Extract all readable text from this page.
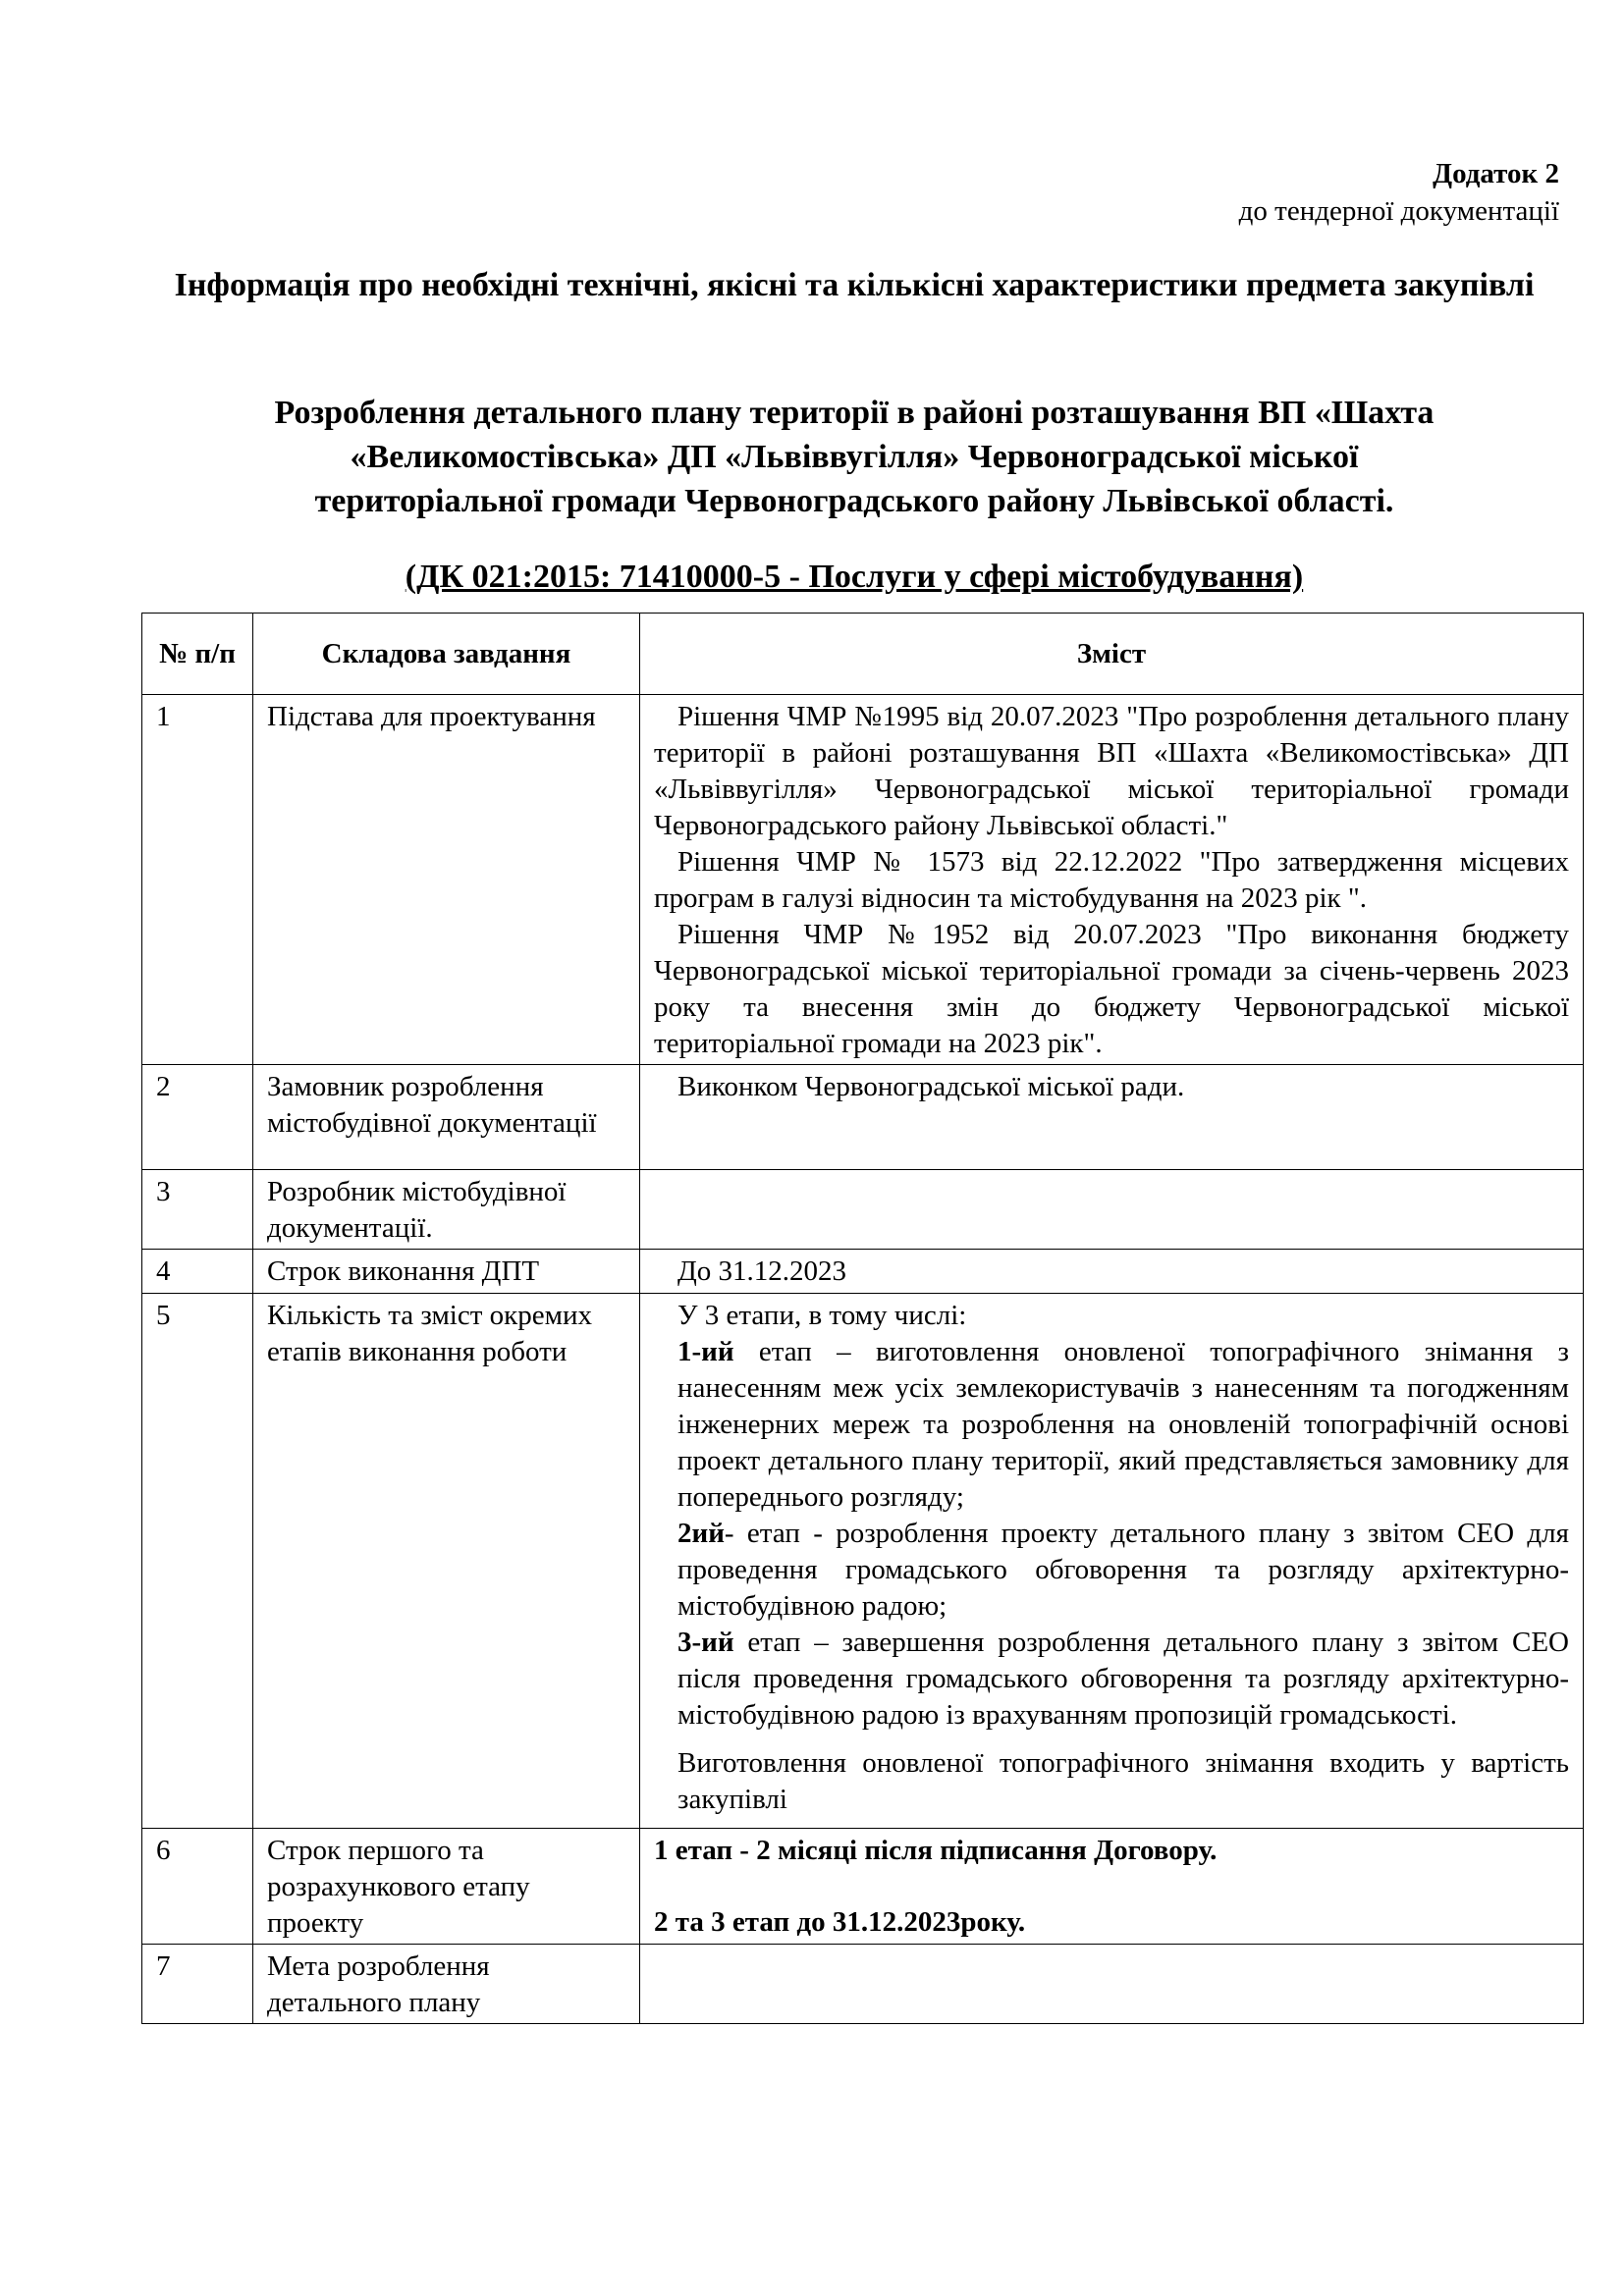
Додаток 2
до тендерної документації
Інформація про необхідні технічні, якісні та кількісні характеристики предмета закупівлі
Розроблення детального плану території в районі розташування ВП «Шахта
«Великомостівська» ДП «Львіввугілля» Червоноградської міської
територіальної громади Червоноградського району Львівської області.
(ДК 021:2015: 71410000-5 - Послуги у сфері містобудування)
№ п/п	Складова завдання	Зміст
1	Підстава для проектування	Рішення ЧМР №1995 від 20.07.2023 "Про розроблення детального плану території в районі розташування ВП «Шахта «Великомостівська» ДП «Львіввугілля» Червоноградської міської територіальної громади Червоноградського району Львівської області."

Рішення ЧМР № 1573 від 22.12.2022 "Про затвердження місцевих програм в галузі відносин та містобудування на 2023 рік ".

Рішення ЧМР №1952 від 20.07.2023 "Про виконання бюджету Червоноградської міської територіальної громади за січень-червень 2023 року та внесення змін до бюджету Червоноградської міської територіальної громади на 2023 рік".

2	Замовник розроблення містобудівної документації	Виконком Червоноградської міської ради.

3	Розробник містобудівної документації.	
4	Строк виконання ДПТ	До 31.12.2023

5	Кількість та зміст окремих етапів виконання роботи	У 3 етапи, в тому числі:

1-ий етап – виготовлення оновленої топографічного знімання з нанесенням меж усіх землекористувачів з нанесенням та погодженням інженерних мереж та розроблення на оновленій топографічній основі проект детального плану території, який представляється замовнику для попереднього розгляду;

2ий- етап - розроблення проекту детального плану з звітом СЕО для проведення громадського обговорення та розгляду архітектурно-містобудівною радою;

3-ий етап – завершення розроблення детального плану з звітом СЕО після проведення громадського обговорення та розгляду архітектурно-містобудівною радою із врахуванням пропозицій громадськості.

Виготовлення оновленої топографічного знімання входить у вартість закупівлі

6	Строк першого та розрахункового етапу проекту	1 етап - 2 місяці після підписання Договору.

2 та 3 етап до 31.12.2023року.

7	Мета розроблення детального плану	
